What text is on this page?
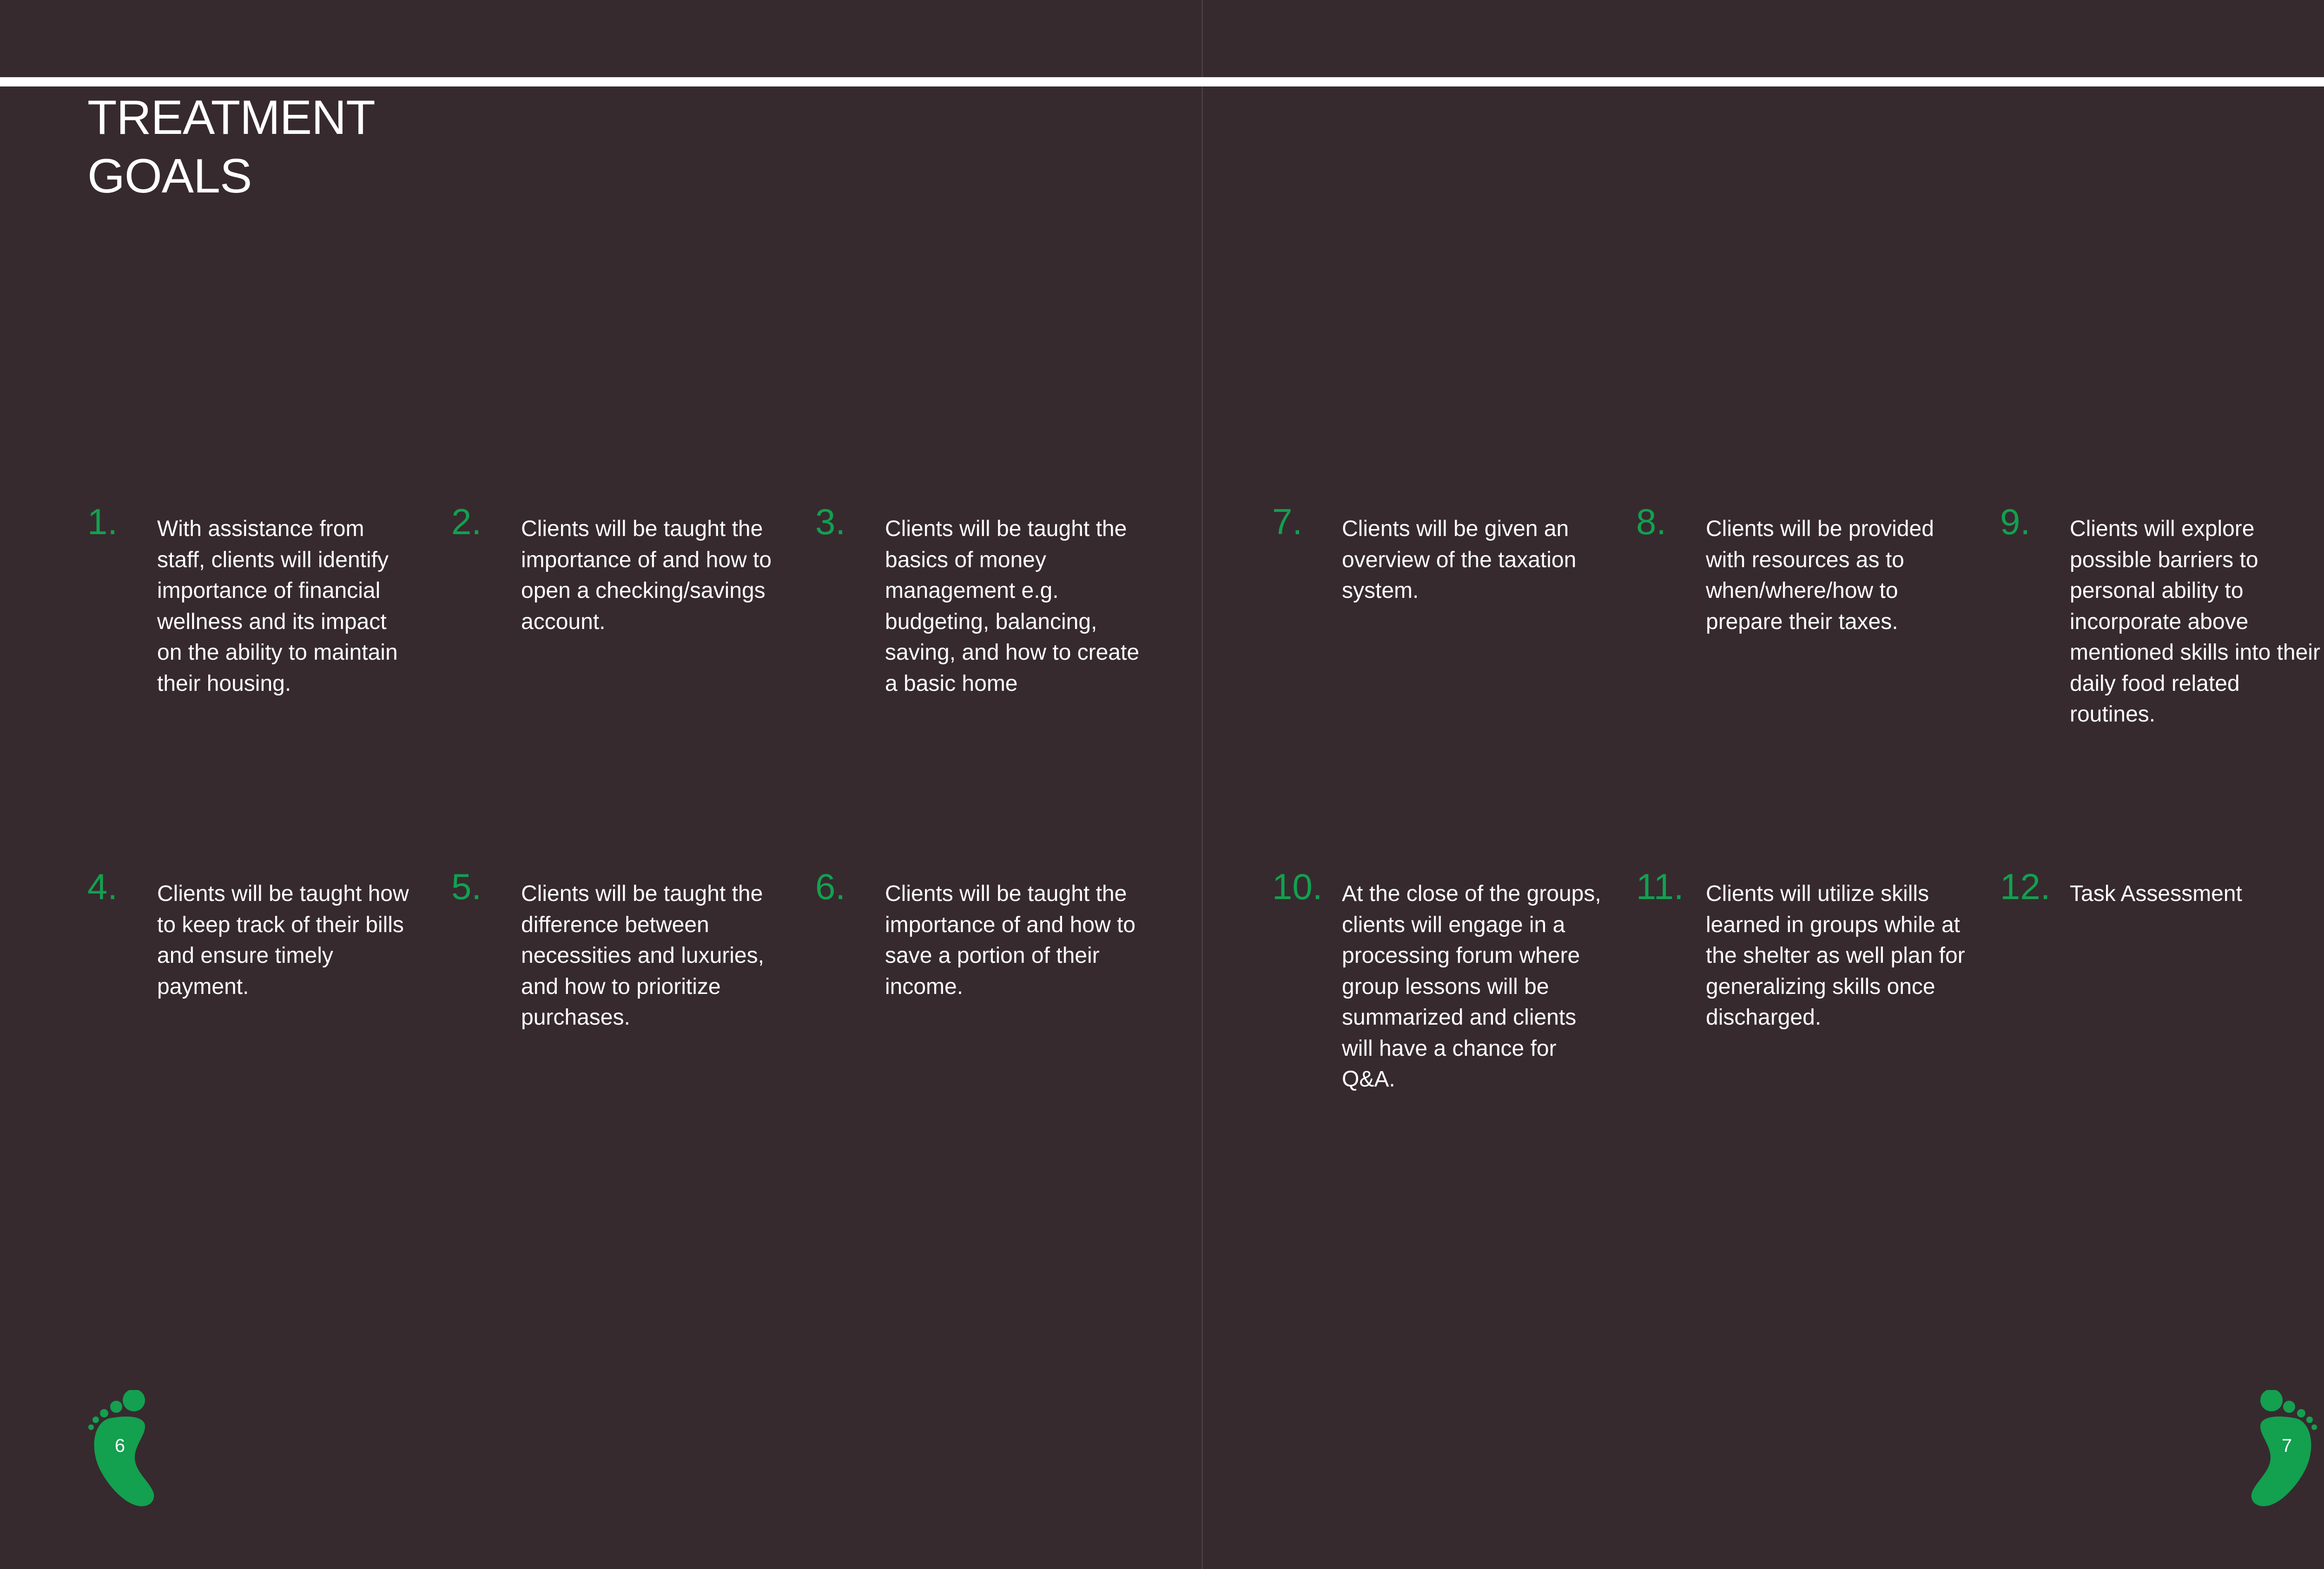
TREATMENT
GOALS
1. With assistance from staff, clients will identify importance of financial wellness and its impact on the ability to maintain their housing.

2. Clients will be taught the importance of and how to open a checking/savings account.

3. Clients will be taught the basics of money management e.g. budgeting, balancing, saving, and how to create a basic home

4. Clients will be taught how to keep track of their bills and ensure timely payment.

5. Clients will be taught the difference between necessities and luxuries, and how to prioritize purchases.

6. Clients will be taught the importance of and how to save a portion of their income.

7. Clients will be given an overview of the taxation system.

8. Clients will be provided with resources as to when/where/how to prepare their taxes.

9. Clients will explore possible barriers to personal ability to incorporate above mentioned skills into their daily food related routines.

10. At the close of the groups, clients will engage in a processing forum where group lessons will be summarized and clients will have a chance for Q&A.

11. Clients will utilize skills learned in groups while at the shelter as well plan for generalizing skills once discharged.

12. Task Assessment

6	7
